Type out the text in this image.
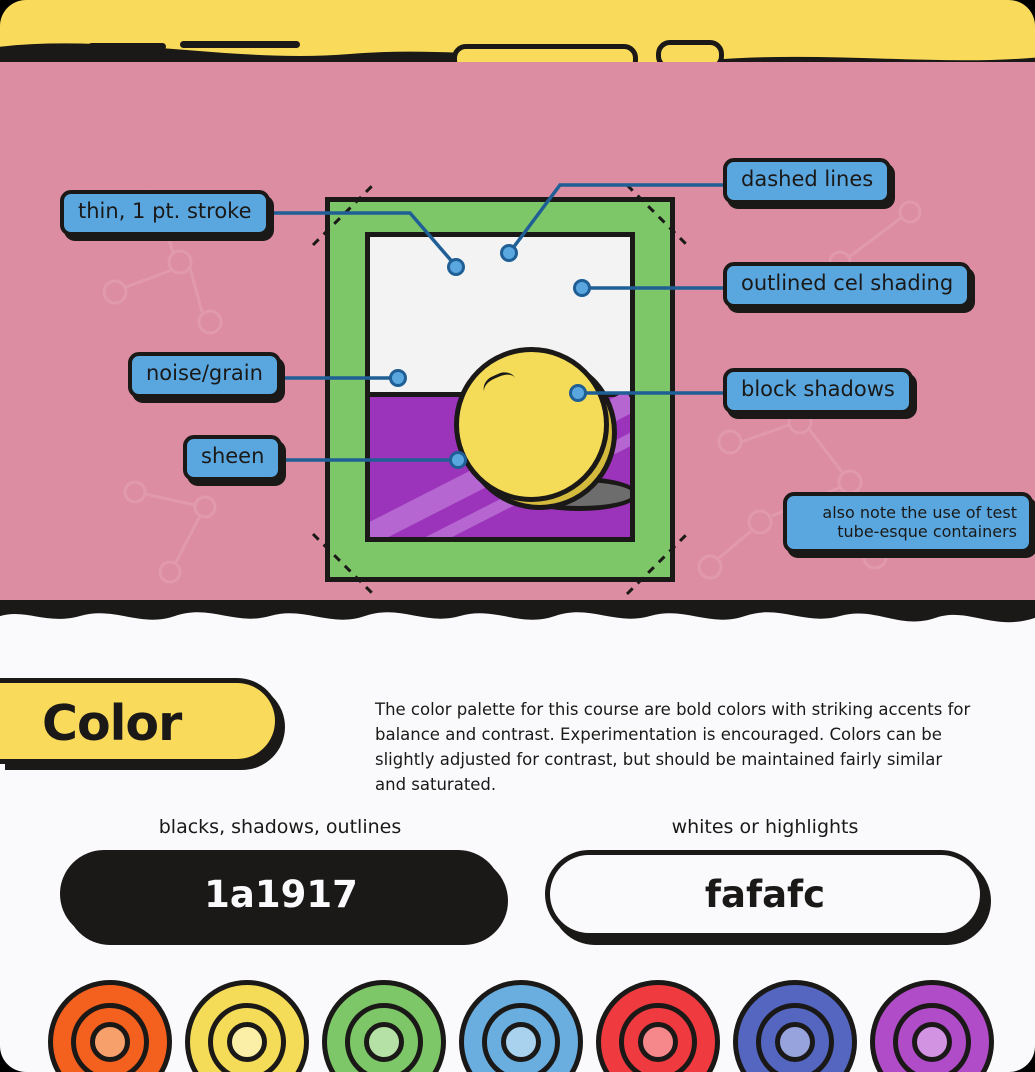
thin, 1 pt. stroke
dashed lines
outlined cel shading
noise/grain
block shadows
sheen
also note the use of test tube-esque containers
Color	The color palette for this course are bold colors with striking accents for balance and contrast. Experimentation is encouraged. Colors can be slightly adjusted for contrast, but should be maintained fairly similar and saturated.

blacks, shadows, outlines	whites or highlights
1a1917	fafafc
